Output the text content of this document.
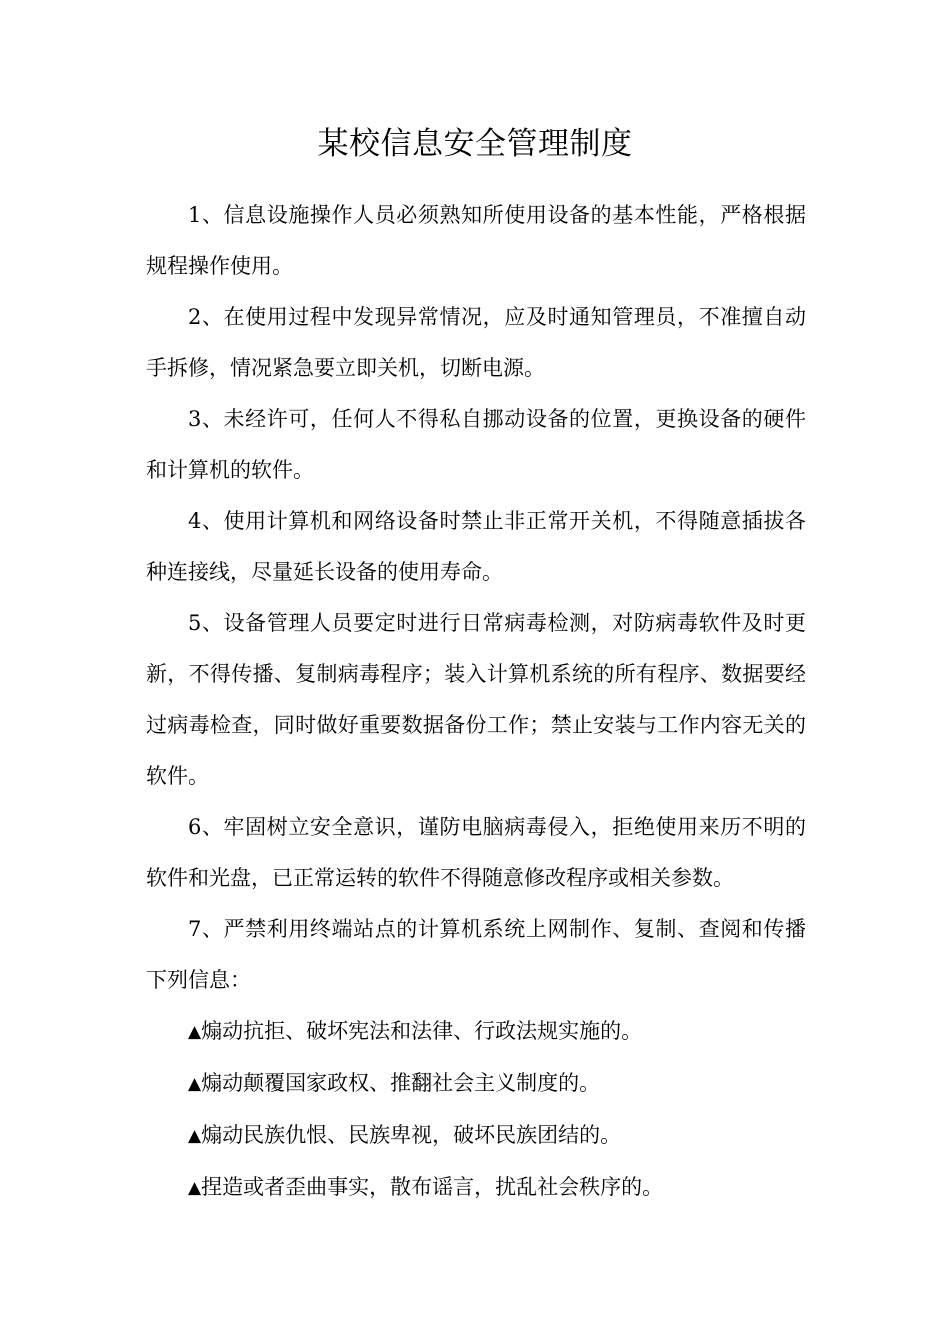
某校信息安全管理制度

1、信息设施操作人员必须熟知所使用设备的基本性能，严格根据规程操作使用。

2、在使用过程中发现异常情况，应及时通知管理员，不准擅自动手拆修，情况紧急要立即关机，切断电源。

3、未经许可，任何人不得私自挪动设备的位置，更换设备的硬件和计算机的软件。

4、使用计算机和网络设备时禁止非正常开关机，不得随意插拔各种连接线，尽量延长设备的使用寿命。

5、设备管理人员要定时进行日常病毒检测，对防病毒软件及时更新，不得传播、复制病毒程序；装入计算机系统的所有程序、数据要经过病毒检查，同时做好重要数据备份工作；禁止安装与工作内容无关的软件。

6、牢固树立安全意识，谨防电脑病毒侵入，拒绝使用来历不明的软件和光盘，已正常运转的软件不得随意修改程序或相关参数。

7、严禁利用终端站点的计算机系统上网制作、复制、查阅和传播下列信息：

▲煽动抗拒、破坏宪法和法律、行政法规实施的。

▲煽动颠覆国家政权、推翻社会主义制度的。

▲煽动民族仇恨、民族卑视，破坏民族团结的。

▲捏造或者歪曲事实，散布谣言，扰乱社会秩序的。
